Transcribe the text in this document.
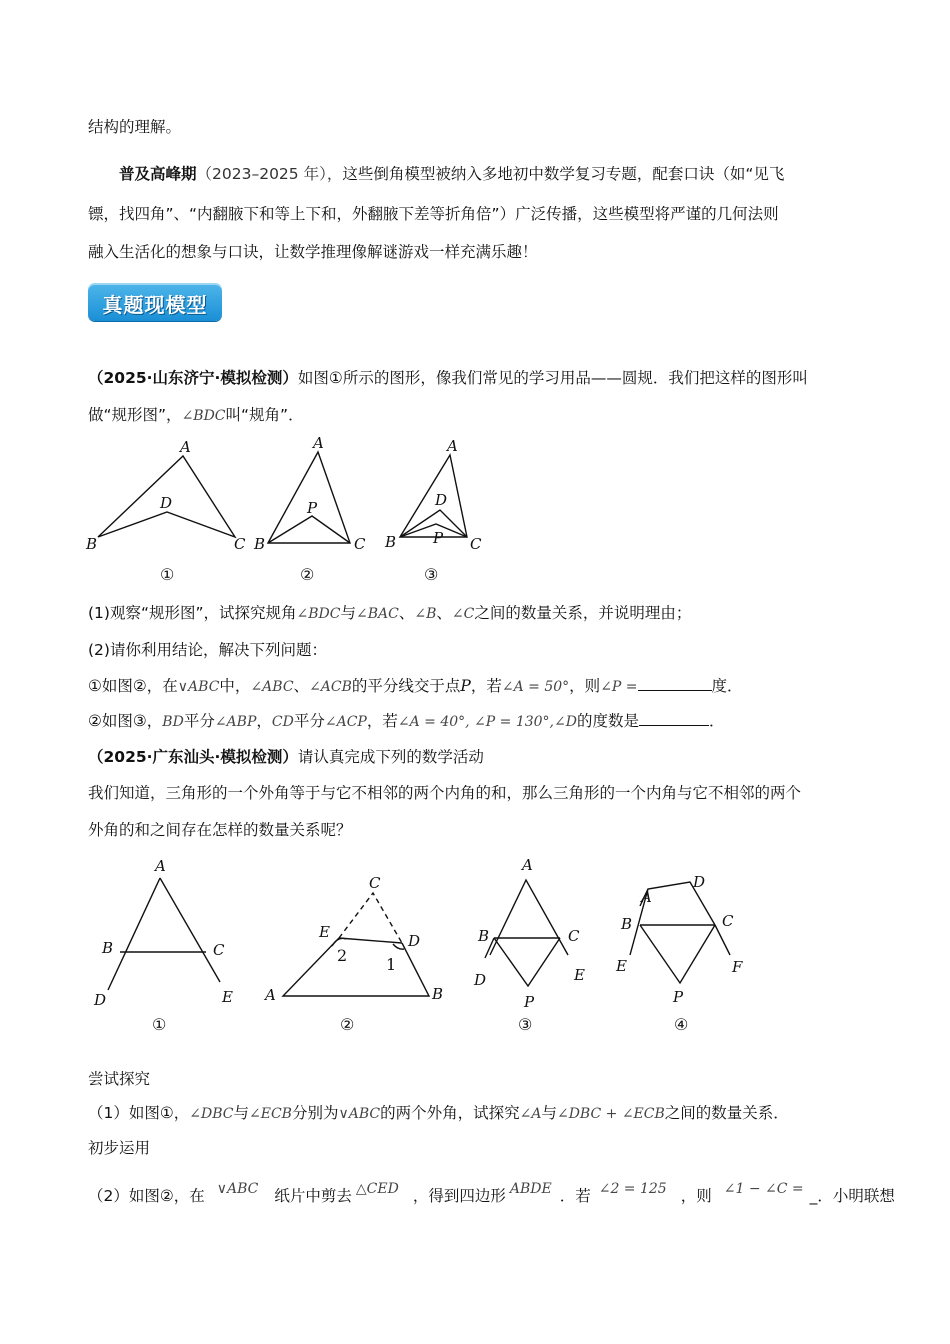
结构的理解。
普及高峰期（2023–2025 年），这些倒角模型被纳入多地初中数学复习专题，配套口诀（如“见飞
镖，找四角”、“内翻腋下和等上下和，外翻腋下差等折角倍”）广泛传播，这些模型将严谨的几何法则
融入生活化的想象与口诀，让数学推理像解谜游戏一样充满乐趣！
真题现模型
（2025·山东济宁·模拟检测）如图①所示的图形，像我们常见的学习用品——圆规．我们把这样的图形叫
做“规形图”，∠BDC叫“规角”．
A
D
B	C
①
A
P
B	C
②
A
D
P
B	C
③
A
B	C
D	E
①
C
E	D
2 1
A	B
②
A
B	C
D	E
P
③
A
D
B	C
E	F
P
④
(1)观察“规形图”，试探究规角∠BDC与∠BAC、∠B、∠C之间的数量关系，并说明理由；
(2)请你利用结论，解决下列问题：
①如图②，在∨ABC中，∠ABC、∠ACB的平分线交于点P，若∠A = 50°，则∠P =	度．
②如图③，BD平分∠ABP，CD平分∠ACP，若∠A = 40°, ∠P = 130°,∠D的度数是	．
（2025·广东汕头·模拟检测）请认真完成下列的数学活动
我们知道，三角形的一个外角等于与它不相邻的两个内角的和，那么三角形的一个内角与它不相邻的两个
外角的和之间存在怎样的数量关系呢？
尝试探究
（1）如图①，∠DBC与∠ECB分别为∨ABC的两个外角，试探究∠A与∠DBC + ∠ECB之间的数量关系．
初步运用
（2）如图②，在 ∨ABC 纸片中剪去 △CED ，得到四边形 ABDE ．若 ∠2 = 125 ，则 ∠1 − ∠C = _．小明联想
